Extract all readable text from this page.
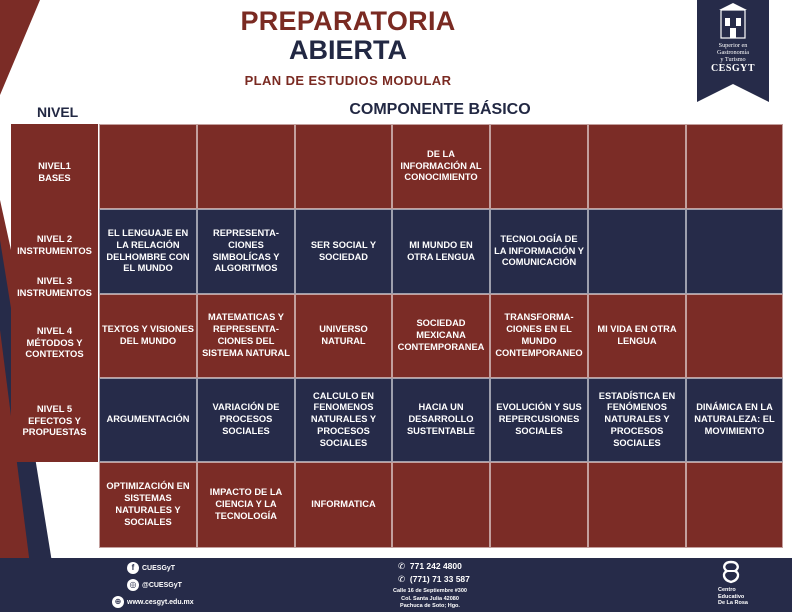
PREPARATORIA
ABIERTA
PLAN DE ESTUDIOS MODULAR
Superior en
Gastronomía
y Turismo
CESGYT
NIVEL	COMPONENTE BÁSICO
NIVEL1
BASES
NIVEL 2
INSTRUMENTOS
NIVEL 3
INSTRUMENTOS
NIVEL 4
MÉTODOS Y
CONTEXTOS
NIVEL 5
EFECTOS Y
PROPUESTAS
DE LA INFORMACIÓN AL CONOCIMIENTO
EL LENGUAJE EN LA RELACIÓN DELHOMBRE CON EL MUNDO
REPRESENTA-CIONES SIMBOLÍCAS Y ALGORITMOS
SER SOCIAL Y SOCIEDAD
MI MUNDO EN OTRA LENGUA
TECNOLOGÍA DE LA INFORMACIÓN Y COMUNICACIÓN
TEXTOS Y VISIONES DEL MUNDO
MATEMATICAS Y REPRESENTA-CIONES DEL SISTEMA NATURAL
UNIVERSO NATURAL
SOCIEDAD MEXICANA CONTEMPORANEA
TRANSFORMA-CIONES EN EL MUNDO CONTEMPORANEO
MI VIDA EN OTRA LENGUA
ARGUMENTACIÓN
VARIACIÓN DE PROCESOS SOCIALES
CALCULO EN FENOMENOS NATURALES Y PROCESOS SOCIALES
HACIA UN DESARROLLO SUSTENTABLE
EVOLUCIÓN Y SUS REPERCUSIONES SOCIALES
ESTADÍSTICA EN FENÓMENOS NATURALES Y PROCESOS SOCIALES
DINÁMICA EN LA NATURALEZA: EL MOVIMIENTO
OPTIMIZACIÓN EN SISTEMAS NATURALES Y SOCIALES
IMPACTO DE LA CIENCIA Y LA TECNOLOGÍA
INFORMATICA
f CUESGyT
◎ @CUESGyT
⊕ www.cesgyt.edu.mx
✆ 771 242 4800
✆ (771) 71 33 587
Calle 16 de Septiembre #300
Col. Santa Julia 42080
Pachuca de Soto; Hgo.
Centro
Educativo
De La Rosa
